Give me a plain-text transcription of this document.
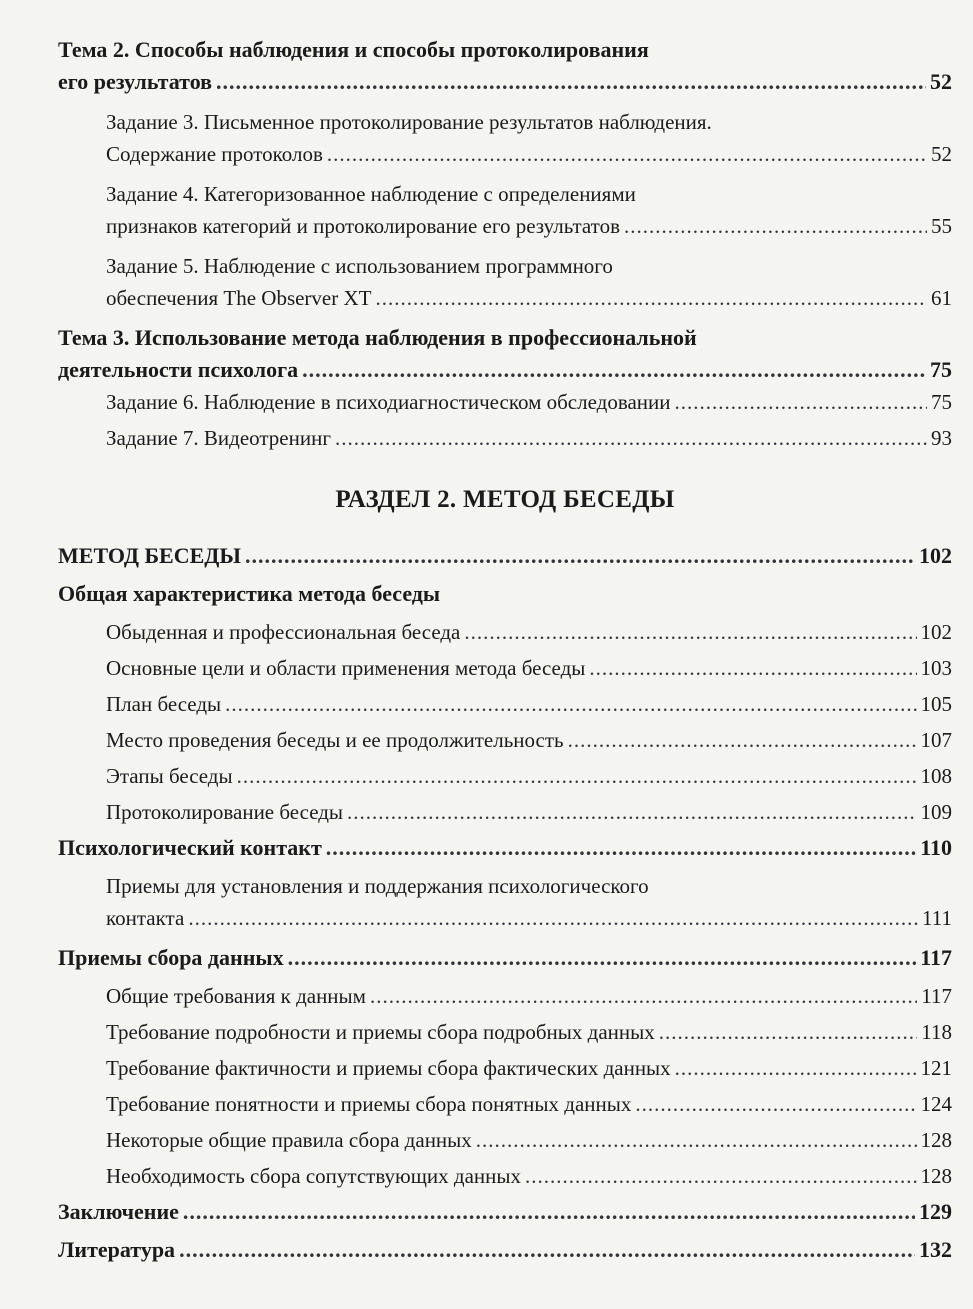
Тема 2. Способы наблюдения и способы протоколирования
его результатов .....	52
Задание 3. Письменное протоколирование результатов наблюдения.
Содержание протоколов .....	52
Задание 4. Категоризованное наблюдение с определениями
признаков категорий и протоколирование его результатов .....	55
Задание 5. Наблюдение с использованием программного
обеспечения The Observer XT .....	61
Тема 3. Использование метода наблюдения в профессиональной
деятельности психолога .....	75
Задание 6. Наблюдение в психодиагностическом обследовании .....	75
Задание 7. Видеотренинг .....	93
РАЗДЕЛ 2. МЕТОД БЕСЕДЫ
МЕТОД БЕСЕДЫ .....	102
Общая характеристика метода беседы
Обыденная и профессиональная беседа .....	102
Основные цели и области применения метода беседы .....	103
План беседы .....	105
Место проведения беседы и ее продолжительность .....	107
Этапы беседы .....	108
Протоколирование беседы .....	109
Психологический контакт .....	110
Приемы для установления и поддержания психологического
контакта .....	111
Приемы сбора данных .....	117
Общие требования к данным .....	117
Требование подробности и приемы сбора подробных данных .....	118
Требование фактичности и приемы сбора фактических данных .....	121
Требование понятности и приемы сбора понятных данных .....	124
Некоторые общие правила сбора данных .....	128
Необходимость сбора сопутствующих данных .....	128
Заключение .....	129
Литература .....	132
